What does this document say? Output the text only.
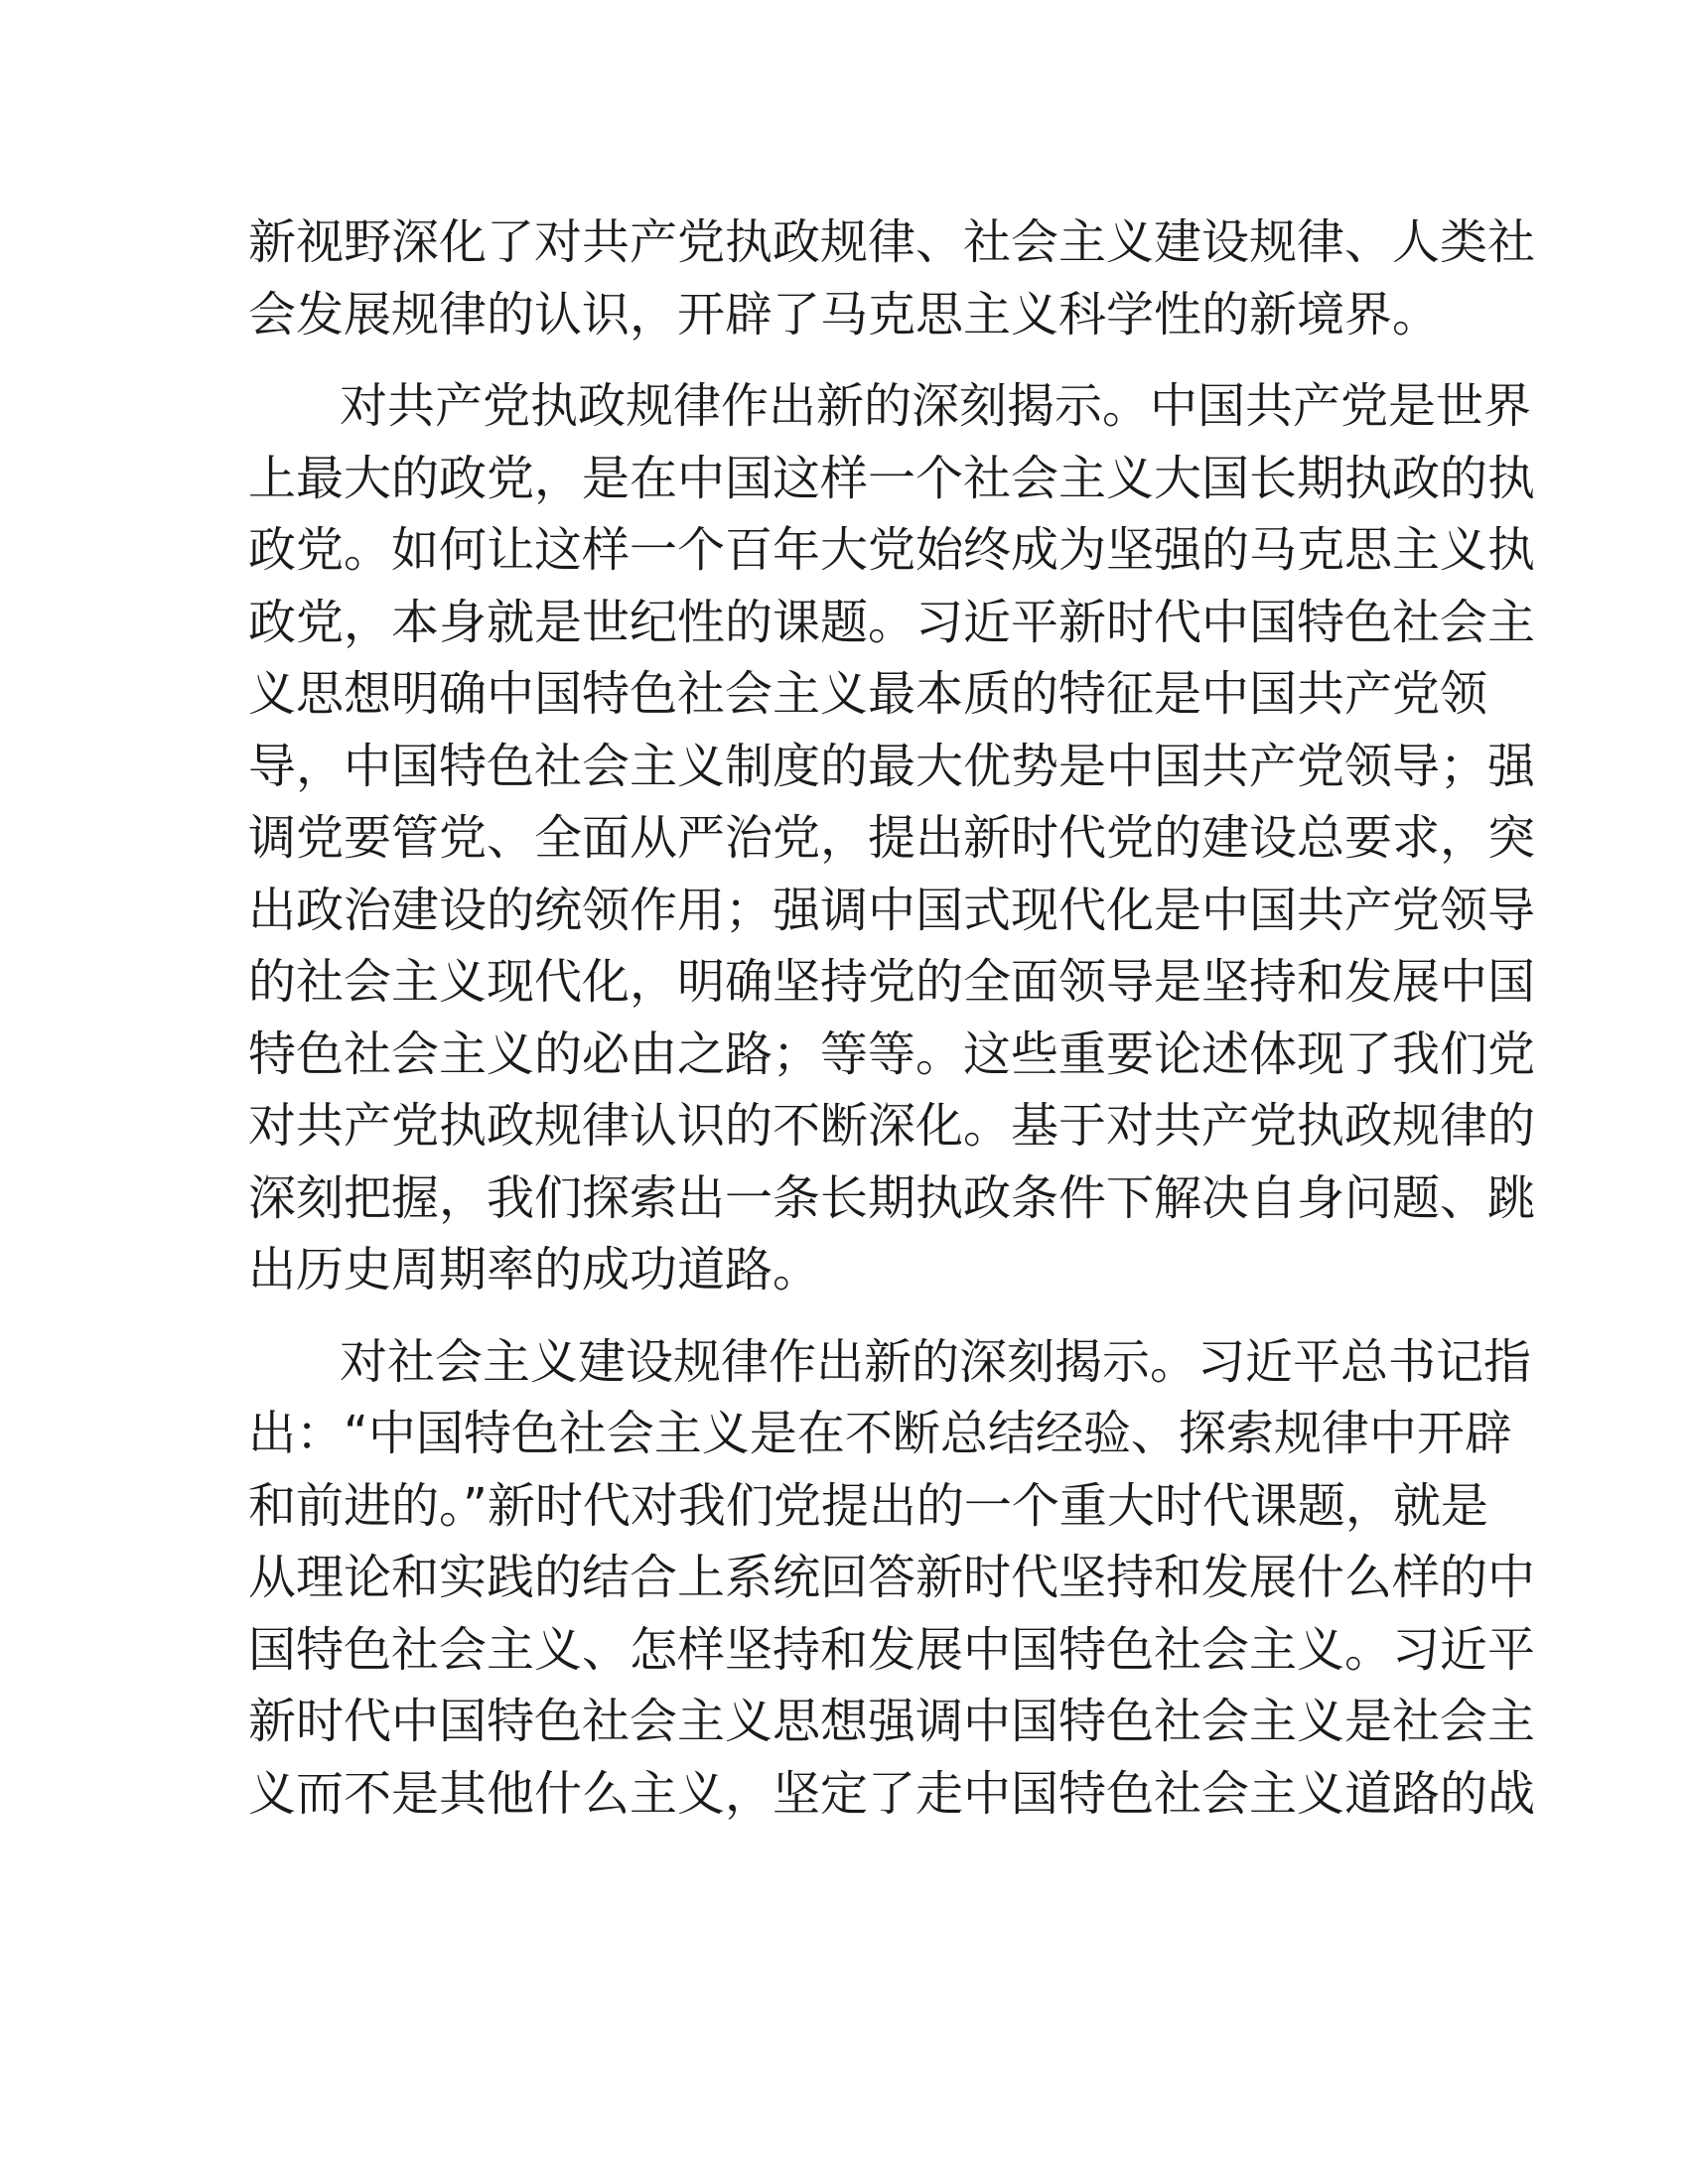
新视野深化了对共产党执政规律、社会主义建设规律、人类社
会发展规律的认识，开辟了马克思主义科学性的新境界。

对共产党执政规律作出新的深刻揭示。中国共产党是世界
上最大的政党，是在中国这样一个社会主义大国长期执政的执
政党。如何让这样一个百年大党始终成为坚强的马克思主义执
政党，本身就是世纪性的课题。习近平新时代中国特色社会主
义思想明确中国特色社会主义最本质的特征是中国共产党领
导，中国特色社会主义制度的最大优势是中国共产党领导；强
调党要管党、全面从严治党，提出新时代党的建设总要求，突
出政治建设的统领作用；强调中国式现代化是中国共产党领导
的社会主义现代化，明确坚持党的全面领导是坚持和发展中国
特色社会主义的必由之路；等等。这些重要论述体现了我们党
对共产党执政规律认识的不断深化。基于对共产党执政规律的
深刻把握，我们探索出一条长期执政条件下解决自身问题、跳
出历史周期率的成功道路。

对社会主义建设规律作出新的深刻揭示。习近平总书记指
出：“中国特色社会主义是在不断总结经验、探索规律中开辟
和前进的。”新时代对我们党提出的一个重大时代课题，就是
从理论和实践的结合上系统回答新时代坚持和发展什么样的中
国特色社会主义、怎样坚持和发展中国特色社会主义。习近平
新时代中国特色社会主义思想强调中国特色社会主义是社会主
义而不是其他什么主义，坚定了走中国特色社会主义道路的战
